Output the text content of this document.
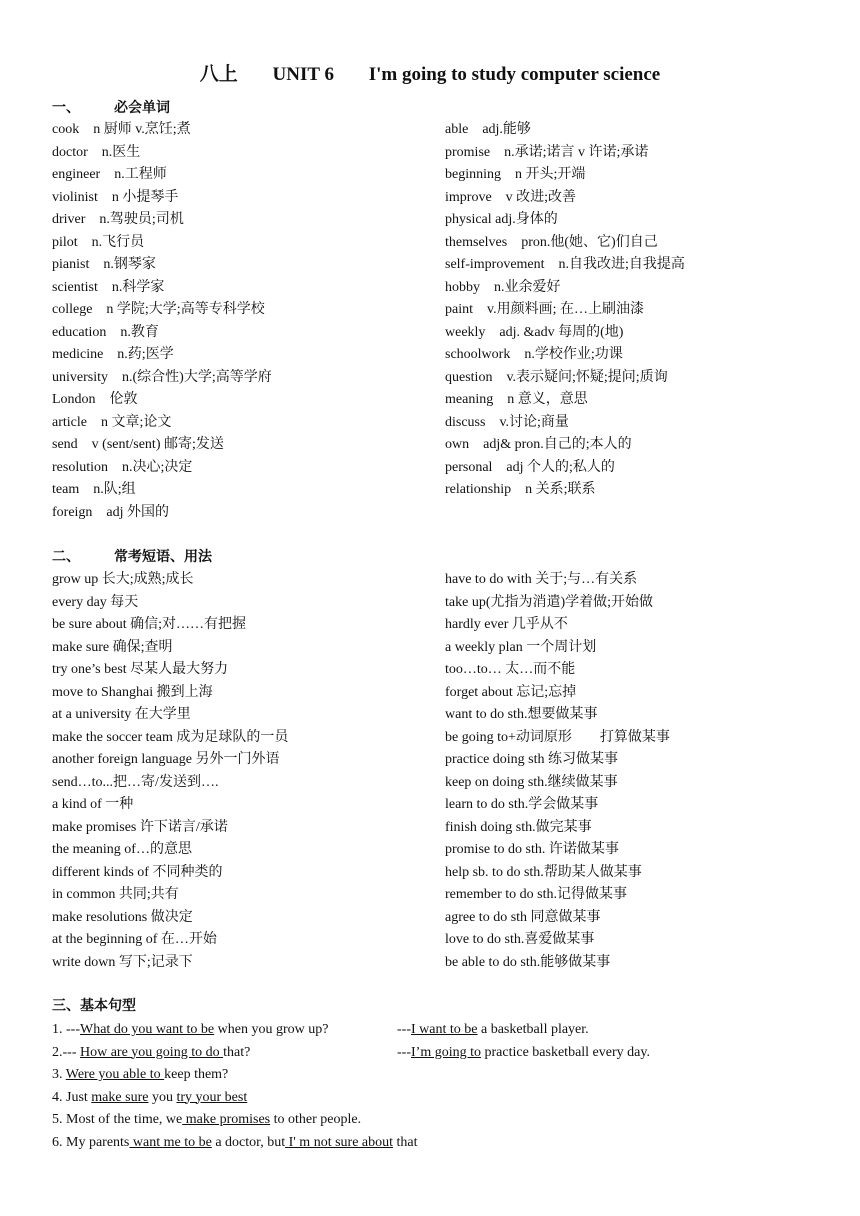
八上 UNIT 6 I'm going to study computer science
一、 必会单词
cook　n 厨师 v.烹饪;煮
doctor　n.医生
engineer　n.工程师
violinist　n 小提琴手
driver　n.驾驶员;司机
pilot　n.飞行员
pianist　n.钢琴家
scientist　n.科学家
college　n 学院;大学;高等专科学校
education　n.教育
medicine　n.药;医学
university　n.(综合性)大学;高等学府
London　伦敦
article　n 文章;论文
send　v (sent/sent) 邮寄;发送
resolution　n.决心;决定
team　n.队;组
foreign　adj 外国的
able　adj.能够
promise　n.承诺;诺言 v 许诺;承诺
beginning　n 开头;开端
improve　v 改进;改善
physical adj.身体的
themselves　pron.他(她、它)们自己
self-improvement　n.自我改进;自我提高
hobby　n.业余爱好
paint　v.用颜料画; 在…上刷油漆
weekly　adj. &adv 每周的(地)
schoolwork　n.学校作业;功课
question　v.表示疑问;怀疑;提问;质询
meaning　n 意义，意思
discuss　v.讨论;商量
own　adj& pron.自己的;本人的
personal　adj 个人的;私人的
relationship　n 关系;联系
二、 常考短语、用法
grow up 长大;成熟;成长
every day 每天
be sure about 确信;对……有把握
make sure 确保;查明
try one’s best 尽某人最大努力
move to Shanghai 搬到上海
at a university 在大学里
make the soccer team 成为足球队的一员
another foreign language 另外一门外语
send…to...把…寄/发送到….
a kind of 一种
make promises 许下诺言/承诺
the meaning of…的意思
different kinds of 不同种类的
in common 共同;共有
make resolutions 做决定
at the beginning of 在…开始
write down 写下;记录下
have to do with 关于;与…有关系
take up(尤指为消遣)学着做;开始做
hardly ever 几乎从不
a weekly plan 一个周计划
too…to… 太…而不能
forget about 忘记;忘掉
want to do sth.想要做某事
be going to+动词原形　　打算做某事
practice doing sth 练习做某事
keep on doing sth.继续做某事
learn to do sth.学会做某事
finish doing sth.做完某事
promise to do sth. 许诺做某事
help sb. to do sth.帮助某人做某事
remember to do sth.记得做某事
agree to do sth 同意做某事
love to do sth.喜爱做某事
be able to do sth.能够做某事
三、基本句型
1. ---What do you want to be when you grow up?	---I want to be a basketball player.
2.--- How are you going to do that?	---I’m going to practice basketball every day.
3. Were you able to keep them?
4. Just make sure you try your best
5. Most of the time, we make promises to other people.
6. My parents want me to be a doctor, but I' m not sure about that
